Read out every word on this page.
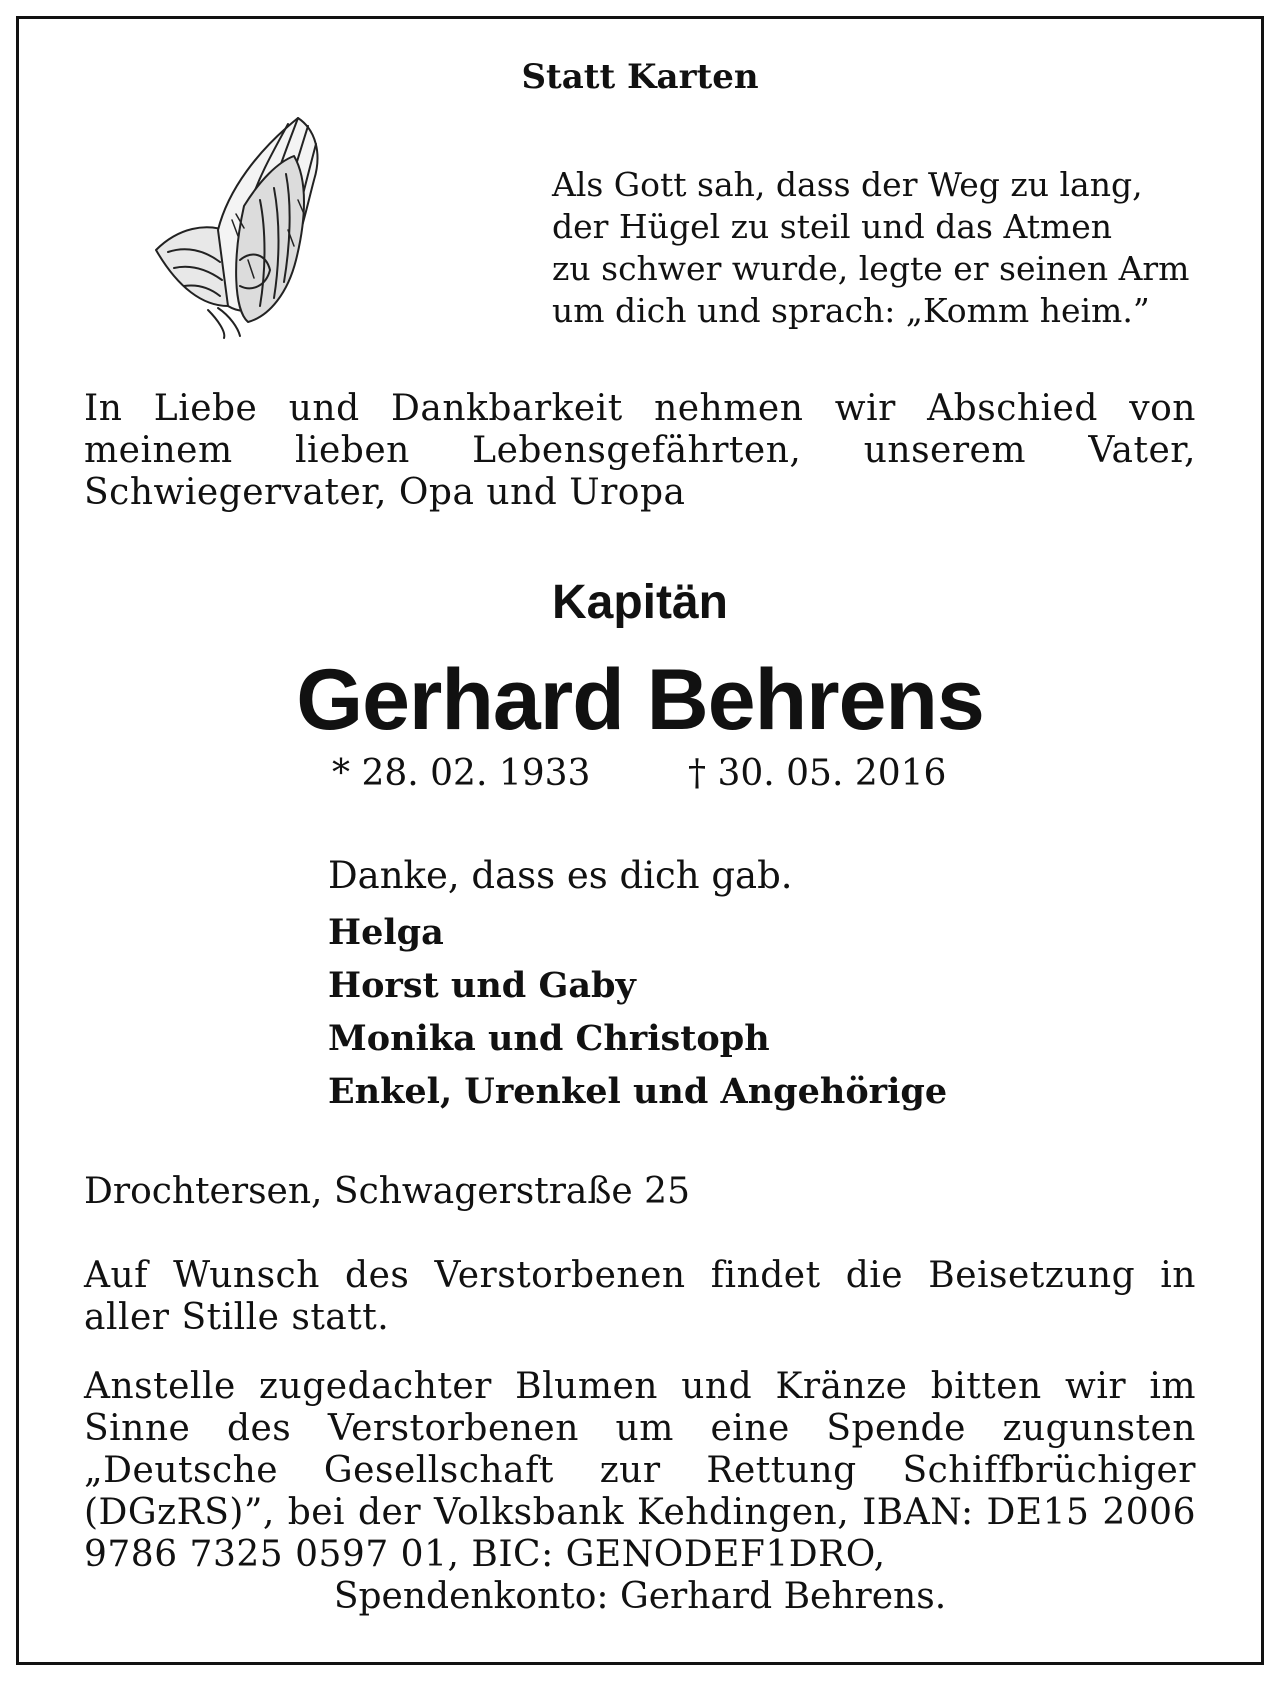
Statt Karten
Als Gott sah, dass der Weg zu lang,
der Hügel zu steil und das Atmen
zu schwer wurde, legte er seinen Arm
um dich und sprach: „Komm heim.”
In Liebe und Dankbarkeit nehmen wir Abschied von meinem lieben Lebensgefährten, unserem Vater, Schwiegervater, Opa und Uropa
Kapitän
Gerhard Behrens
* 28. 02. 1933	† 30. 05. 2016
Danke, dass es dich gab.
Helga
Horst und Gaby
Monika und Christoph
Enkel, Urenkel und Angehörige
Drochtersen, Schwagerstraße 25
Auf Wunsch des Verstorbenen findet die Beisetzung in aller Stille statt.
Anstelle zugedachter Blumen und Kränze bitten wir im Sinne des Verstorbenen um eine Spende zugunsten „Deutsche Gesellschaft zur Rettung Schiffbrüchiger (DGzRS)”, bei der Volksbank Kehdingen, IBAN: DE15 2006 9786 7325 0597 01, BIC: GENODEF1DRO,
Spendenkonto: Gerhard Behrens.
